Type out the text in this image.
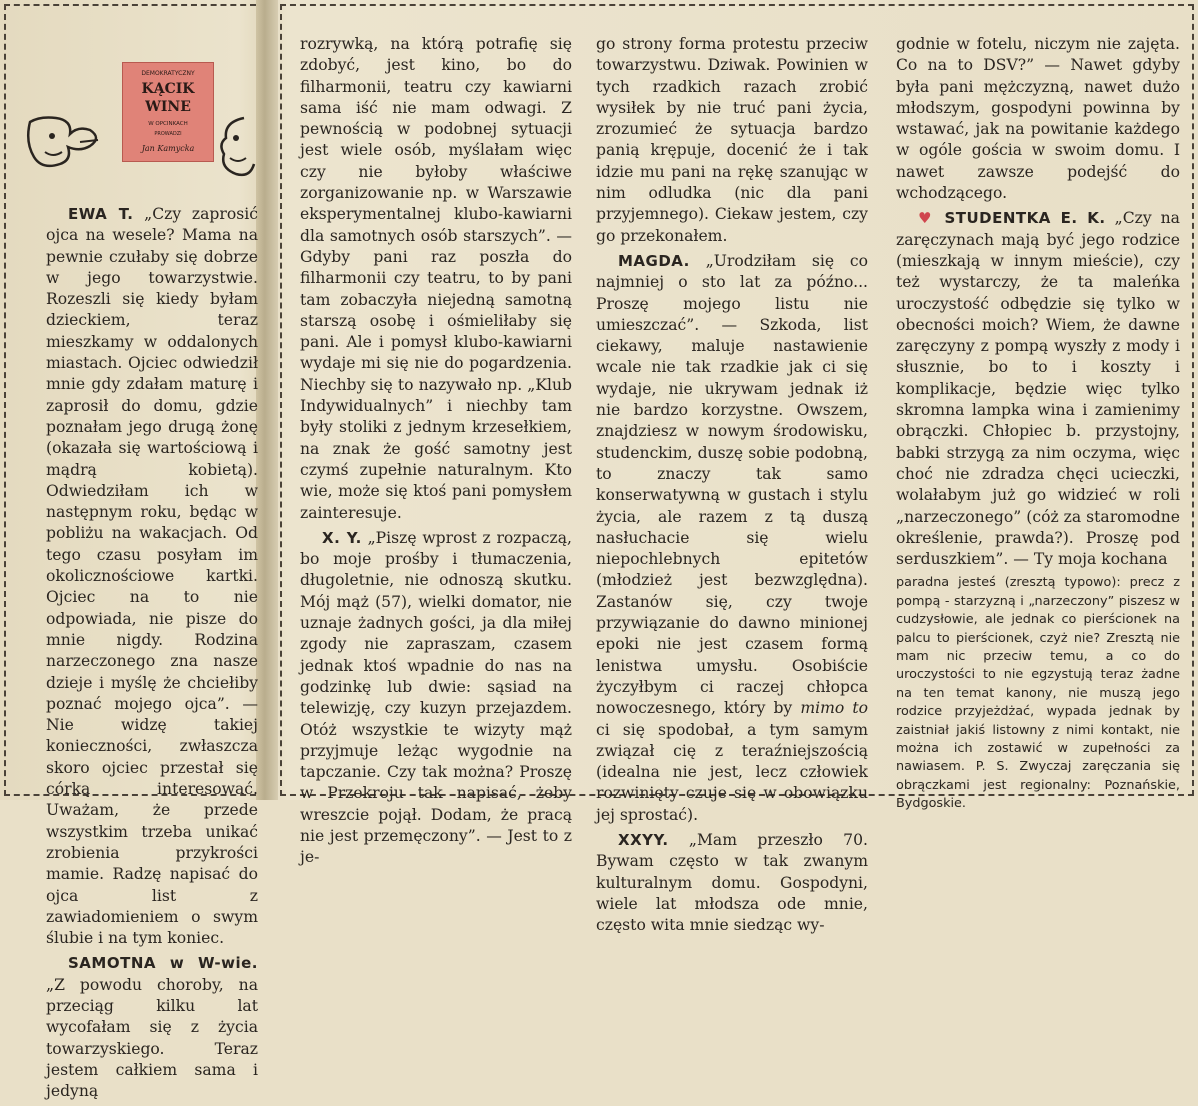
DEMOKRATYCZNY
KĄCIK
WINE
W OPCINKACH
PROWADZI
Jan Kamycka

EWA T. „Czy zaprosić ojca na wesele? Mama na pewnie czułaby się dobrze w jego towarzystwie. Rozeszli się kiedy byłam dzieckiem, teraz mieszkamy w oddalonych miastach. Ojciec odwiedził mnie gdy zdałam maturę i zaprosił do domu, gdzie poznałam jego drugą żonę (okazała się wartościową i mądrą kobietą). Odwiedziłam ich w następnym roku, będąc w pobliżu na wakacjach. Od tego czasu posyłam im okolicznościowe kartki. Ojciec na to nie odpowiada, nie pisze do mnie nigdy. Rodzina narzeczonego zna nasze dzieje i myślę że chciełiby poznać mojego ojca”. — Nie widzę takiej konieczności, zwłaszcza skoro ojciec przestał się córką interesować. Uważam, że przede wszystkim trzeba unikać zrobienia przykrości mamie. Radzę napisać do ojca list z zawiadomieniem o swym ślubie i na tym koniec.

SAMOTNA w W-wie. „Z powodu choroby, na przeciąg kilku lat wycofałam się z życia towarzyskiego. Teraz jestem całkiem sama i jedyną

rozrywką, na którą potrafię się zdobyć, jest kino, bo do filharmonii, teatru czy kawiarni sama iść nie mam odwagi. Z pewnością w podobnej sytuacji jest wiele osób, myślałam więc czy nie byłoby właściwe zorganizowanie np. w Warszawie eksperymentalnej klubo-kawiarni dla samotnych osób starszych”. — Gdyby pani raz poszła do filharmonii czy teatru, to by pani tam zobaczyła niejedną samotną starszą osobę i ośmieliłaby się pani. Ale i pomysł klubo-kawiarni wydaje mi się nie do pogardzenia. Niechby się to nazywało np. „Klub Indywidualnych” i niechby tam były stoliki z jednym krzesełkiem, na znak że gość samotny jest czymś zupełnie naturalnym. Kto wie, może się ktoś pani pomysłem zainteresuje.

X. Y. „Piszę wprost z rozpaczą, bo moje prośby i tłumaczenia, długoletnie, nie odnoszą skutku. Mój mąż (57), wielki domator, nie uznaje żadnych gości, ja dla miłej zgody nie zapraszam, czasem jednak ktoś wpadnie do nas na godzinkę lub dwie: sąsiad na telewizję, czy kuzyn przejazdem. Otóż wszystkie te wizyty mąż przyjmuje leżąc wygodnie na tapczanie. Czy tak można? Proszę w Przekroju tak napisać, żeby wreszcie pojął. Dodam, że pracą nie jest przemęczony”. — Jest to z je-

go strony forma protestu przeciw towarzystwu. Dziwak. Powinien w tych rzadkich razach zrobić wysiłek by nie truć pani życia, zrozumieć że sytuacja bardzo panią krępuje, docenić że i tak idzie mu pani na rękę szanując w nim odludka (nic dla pani przyjemnego). Ciekaw jestem, czy go przekonałem.

MAGDA. „Urodziłam się co najmniej o sto lat za późno... Proszę mojego listu nie umieszczać”. — Szkoda, list ciekawy, maluje nastawienie wcale nie tak rzadkie jak ci się wydaje, nie ukrywam jednak iż nie bardzo korzystne. Owszem, znajdziesz w nowym środowisku, studenckim, duszę sobie podobną, to znaczy tak samo konserwatywną w gustach i stylu życia, ale razem z tą duszą nasłuchacie się wielu niepochlebnych epitetów (młodzież jest bezwzględna). Zastanów się, czy twoje przywiązanie do dawno minionej epoki nie jest czasem formą lenistwa umysłu. Osobiście życzyłbym ci raczej chłopca nowoczesnego, który by mimo to ci się spodobał, a tym samym związał cię z teraźniejszością (idealna nie jest, lecz człowiek rozwinięty czuje się w obowiązku jej sprostać).

XXYY. „Mam przeszło 70. Bywam często w tak zwanym kulturalnym domu. Gospodyni, wiele lat młodsza ode mnie, często wita mnie siedząc wy-

godnie w fotelu, niczym nie zajęta. Co na to DSV?” — Nawet gdyby była pani mężczyzną, nawet dużo młodszym, gospodyni powinna by wstawać, jak na powitanie każdego w ogóle gościa w swoim domu. I nawet zawsze podejść do wchodzącego.

♥ STUDENTKA E. K. „Czy na zaręczynach mają być jego rodzice (mieszkają w innym mieście), czy też wystarczy, że ta maleńka uroczystość odbędzie się tylko w obecności moich? Wiem, że dawne zaręczyny z pompą wyszły z mody i słusznie, bo to i koszty i komplikacje, będzie więc tylko skromna lampka wina i zamienimy obrączki. Chłopiec b. przystojny, babki strzygą za nim oczyma, więc choć nie zdradza chęci ucieczki, wolałabym już go widzieć w roli „narzeczonego” (cóż za staromodne określenie, prawda?). Proszę pod serduszkiem”. — Ty moja kochana

paradna jesteś (zresztą typowo): precz z pompą - starzyzną i „narzeczony” piszesz w cudzysłowie, ale jednak co pierścionek na palcu to pierścionek, czyż nie? Zresztą nie mam nic przeciw temu, a co do uroczystości to nie egzystują teraz żadne na ten temat kanony, nie muszą jego rodzice przyjeżdżać, wypada jednak by zaistniał jakiś listowny z nimi kontakt, nie można ich zostawić w zupełności za nawiasem. P. S. Zwyczaj zaręczania się obrączkami jest regionalny: Poznańskie, Bydgoskie.
